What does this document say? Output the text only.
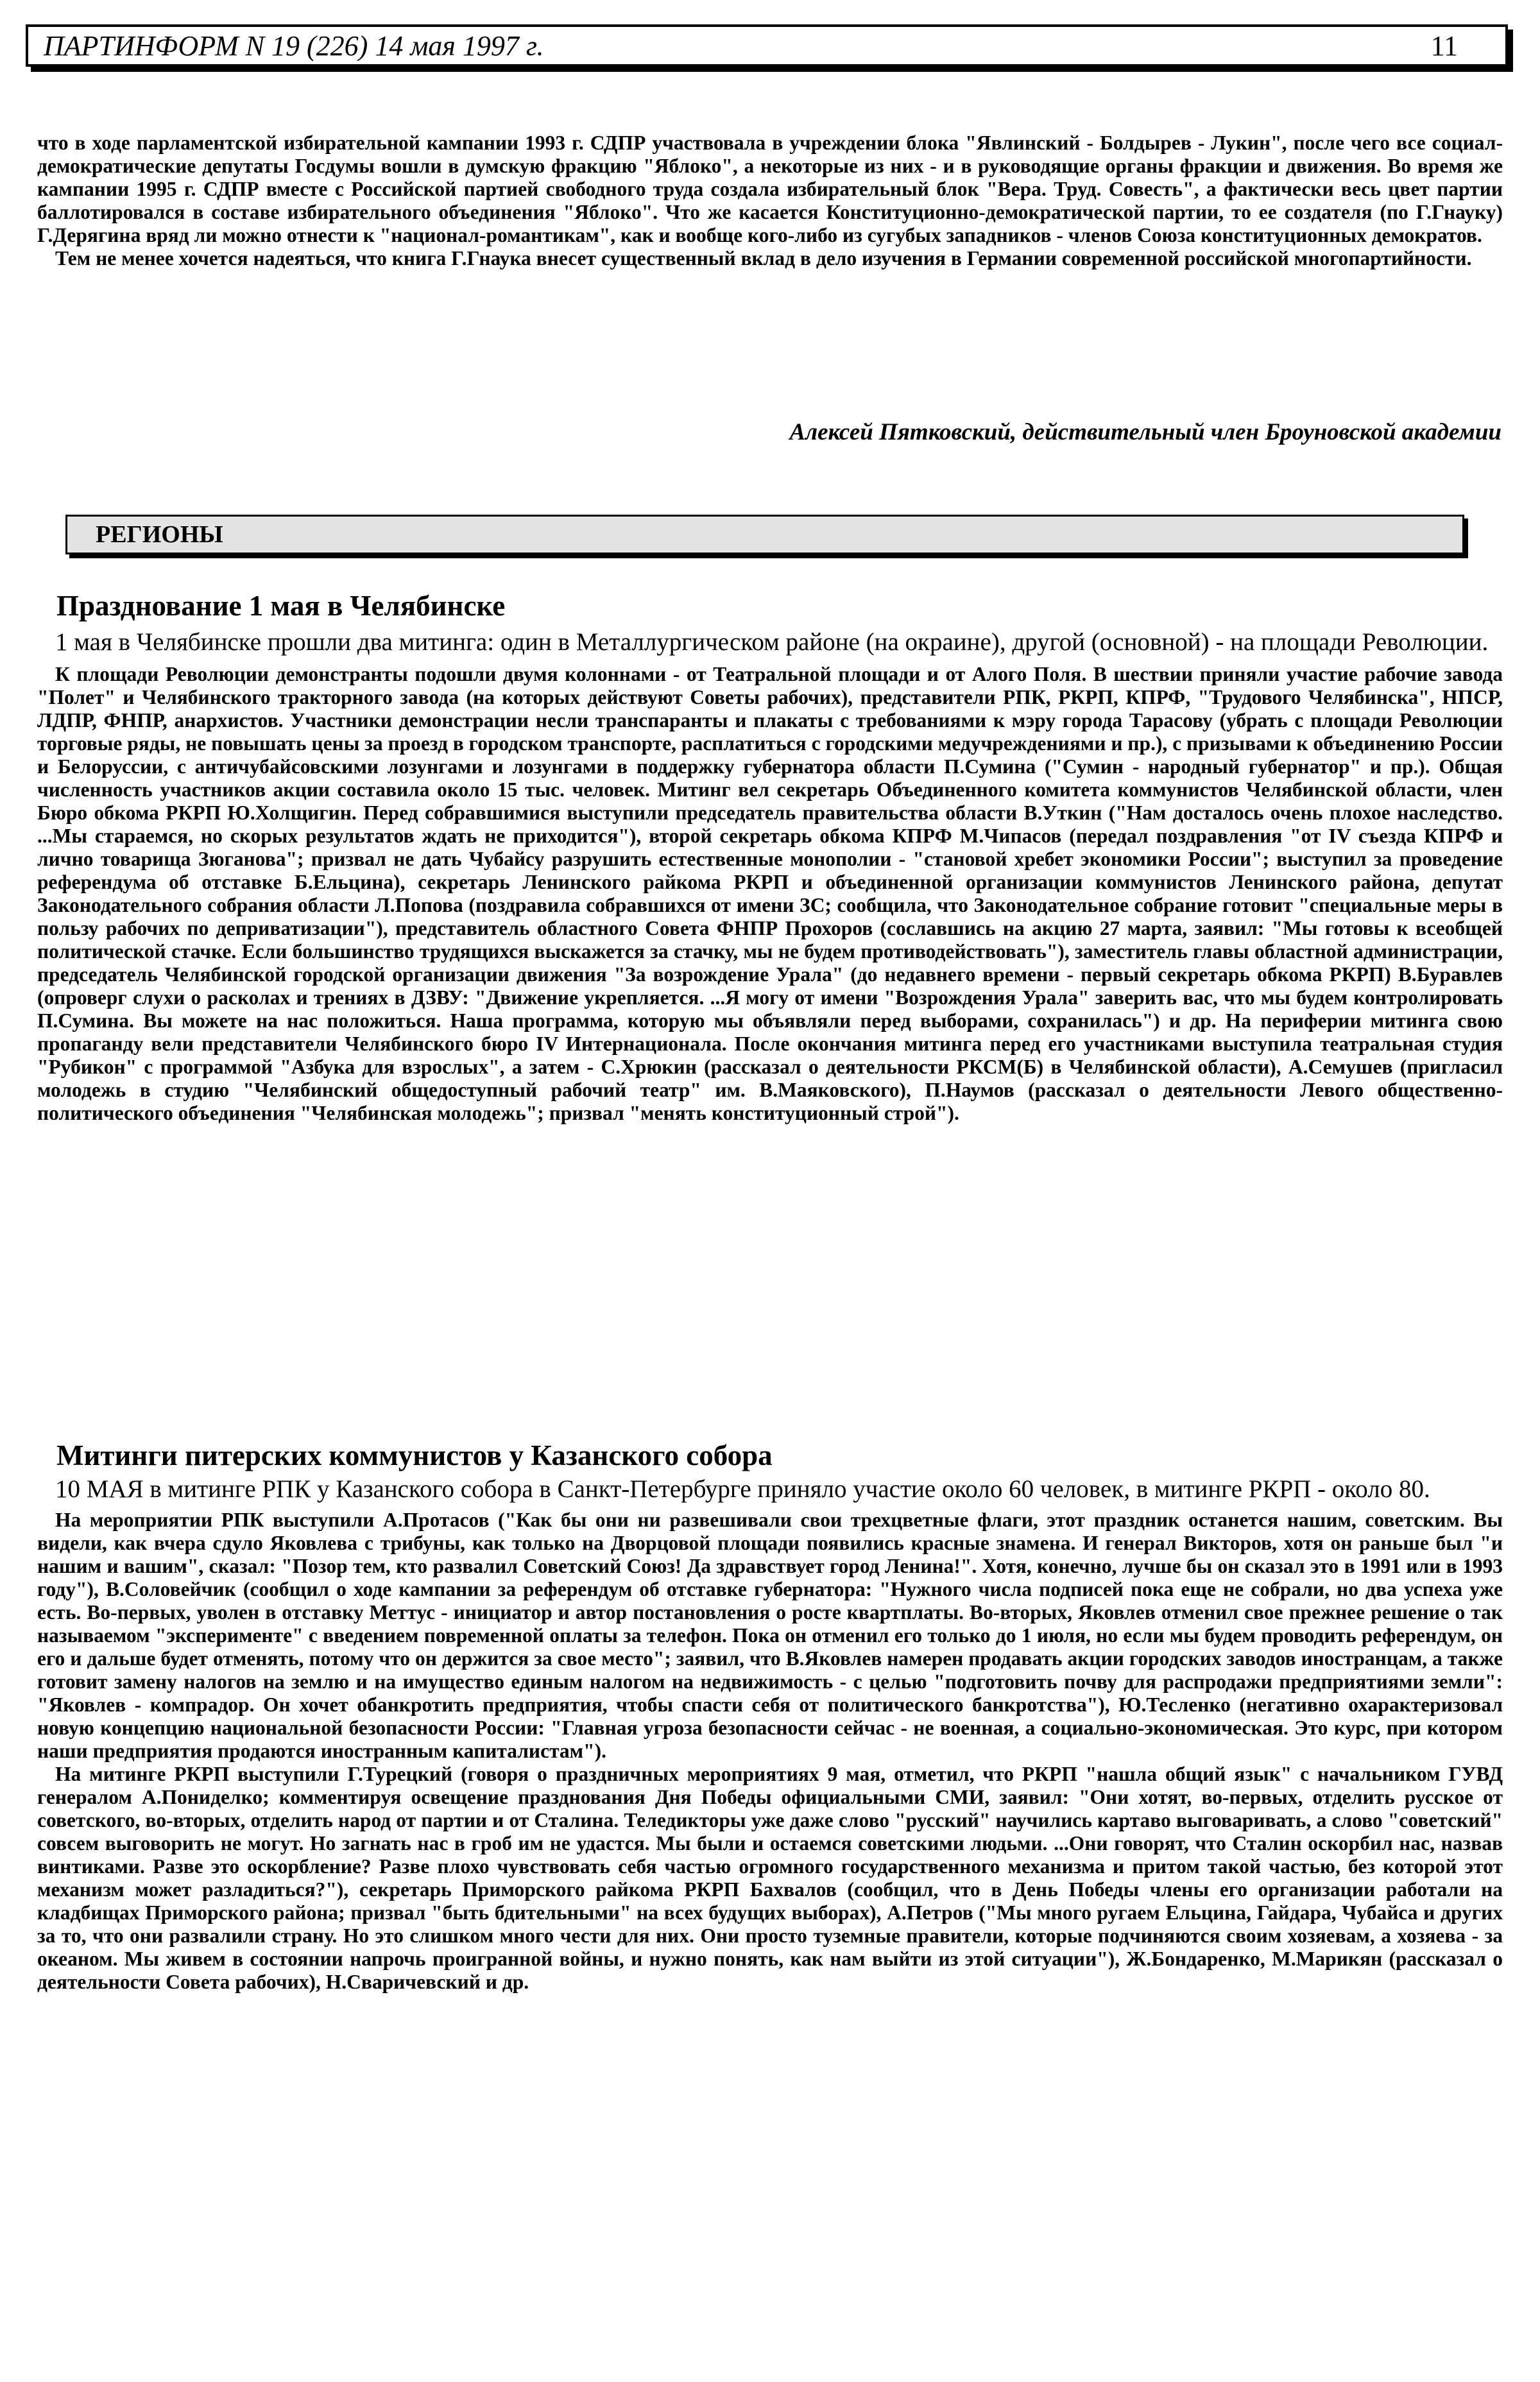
ПАРТИНФОРМ N 19 (226) 14 мая 1997 г.	11

что в ходе парламентской избирательной кампании 1993 г. СДПР участвовала в учреждении блока "Явлинский - Болдырев - Лукин", после чего все социал-демократические депутаты Госдумы вошли в думскую фракцию "Яблоко", а некоторые из них - и в руководящие органы фракции и движения. Во время же кампании 1995 г. СДПР вместе с Российской партией свободного труда создала избирательный блок "Вера. Труд. Совесть", а фактически весь цвет партии баллотировался в составе избирательного объединения "Яблоко". Что же касается Конституционно-демократической партии, то ее создателя (по Г.Гнауку) Г.Дерягина вряд ли можно отнести к "национал-романтикам", как и вообще кого-либо из сугубых западников - членов Союза конституционных демократов.

Тем не менее хочется надеяться, что книга Г.Гнаука внесет существенный вклад в дело изучения в Германии современной российской многопартийности.

Алексей Пятковский, действительный член Броуновской академии
РЕГИОНЫ
Празднование 1 мая в Челябинске

1 мая в Челябинске прошли два митинга: один в Металлургическом районе (на окраине), другой (основной) - на площади Революции.

К площади Революции демонстранты подошли двумя колоннами - от Театральной площади и от Алого Поля. В шествии приняли участие рабочие завода "Полет" и Челябинского тракторного завода (на которых действуют Советы рабочих), представители РПК, РКРП, КПРФ, "Трудового Челябинска", НПСР, ЛДПР, ФНПР, анархистов. Участники демонстрации несли транспаранты и плакаты с требованиями к мэру города Тарасову (убрать с площади Революции торговые ряды, не повышать цены за проезд в городском транспорте, расплатиться с городскими медучреждениями и пр.), с призывами к объединению России и Белоруссии, с античубайсовскими лозунгами и лозунгами в поддержку губернатора области П.Сумина ("Сумин - народный губернатор" и пр.). Общая численность участников акции составила около 15 тыс. человек. Митинг вел секретарь Объединенного комитета коммунистов Челябинской области, член Бюро обкома РКРП Ю.Холщигин. Перед собравшимися выступили председатель правительства области В.Уткин ("Нам досталось очень плохое наследство. ...Мы стараемся, но скорых результатов ждать не приходится"), второй секретарь обкома КПРФ М.Чипасов (передал поздравления "от IV съезда КПРФ и лично товарища Зюганова"; призвал не дать Чубайсу разрушить естественные монополии - "становой хребет экономики России"; выступил за проведение референдума об отставке Б.Ельцина), секретарь Ленинского райкома РКРП и объединенной организации коммунистов Ленинского района, депутат Законодательного собрания области Л.Попова (поздравила собравшихся от имени ЗС; сообщила, что Законодательное собрание готовит "специальные меры в пользу рабочих по деприватизации"), представитель областного Совета ФНПР Прохоров (сославшись на акцию 27 марта, заявил: "Мы готовы к всеобщей политической стачке. Если большинство трудящихся выскажется за стачку, мы не будем противодействовать"), заместитель главы областной администрации, председатель Челябинской городской организации движения "За возрождение Урала" (до недавнего времени - первый секретарь обкома РКРП) В.Буравлев (опроверг слухи о расколах и трениях в ДЗВУ: "Движение укрепляется. ...Я могу от имени "Возрождения Урала" заверить вас, что мы будем контролировать П.Сумина. Вы можете на нас положиться. Наша программа, которую мы объявляли перед выборами, сохранилась") и др. На периферии митинга свою пропаганду вели представители Челябинского бюро IV Интернационала. После окончания митинга перед его участниками выступила театральная студия "Рубикон" с программой "Азбука для взрослых", а затем - С.Хрюкин (рассказал о деятельности РКСМ(Б) в Челябинской области), А.Семушев (пригласил молодежь в студию "Челябинский общедоступный рабочий театр" им. В.Маяковского), П.Наумов (рассказал о деятельности Левого общественно-политического объединения "Челябинская молодежь"; призвал "менять конституционный строй").

Митинги питерских коммунистов у Казанского собора

10 МАЯ в митинге РПК у Казанского собора в Санкт-Петербурге приняло участие около 60 человек, в митинге РКРП - около 80.

На мероприятии РПК выступили А.Протасов ("Как бы они ни развешивали свои трехцветные флаги, этот праздник останется нашим, советским. Вы видели, как вчера сдуло Яковлева с трибуны, как только на Дворцовой площади появились красные знамена. И генерал Викторов, хотя он раньше был "и нашим и вашим", сказал: "Позор тем, кто развалил Советский Союз! Да здравствует город Ленина!". Хотя, конечно, лучше бы он сказал это в 1991 или в 1993 году"), В.Соловейчик (сообщил о ходе кампании за референдум об отставке губернатора: "Нужного числа подписей пока еще не собрали, но два успеха уже есть. Во-первых, уволен в отставку Меттус - инициатор и автор постановления о росте квартплаты. Во-вторых, Яковлев отменил свое прежнее решение о так называемом "эксперименте" с введением повременной оплаты за телефон. Пока он отменил его только до 1 июля, но если мы будем проводить референдум, он его и дальше будет отменять, потому что он держится за свое место"; заявил, что В.Яковлев намерен продавать акции городских заводов иностранцам, а также готовит замену налогов на землю и на имущество единым налогом на недвижимость - с целью "подготовить почву для распродажи предприятиями земли": "Яковлев - компрадор. Он хочет обанкротить предприятия, чтобы спасти себя от политического банкротства"), Ю.Тесленко (негативно охарактеризовал новую концепцию национальной безопасности России: "Главная угроза безопасности сейчас - не военная, а социально-экономическая. Это курс, при котором наши предприятия продаются иностранным капиталистам").

На митинге РКРП выступили Г.Турецкий (говоря о праздничных мероприятиях 9 мая, отметил, что РКРП "нашла общий язык" с начальником ГУВД генералом А.Пониделко; комментируя освещение празднования Дня Победы официальными СМИ, заявил: "Они хотят, во-первых, отделить русское от советского, во-вторых, отделить народ от партии и от Сталина. Теледикторы уже даже слово "русский" научились картаво выговаривать, а слово "советский" совсем выговорить не могут. Но загнать нас в гроб им не удастся. Мы были и остаемся советскими людьми. ...Они говорят, что Сталин оскорбил нас, назвав винтиками. Разве это оскорбление? Разве плохо чувствовать себя частью огромного государственного механизма и притом такой частью, без которой этот механизм может разладиться?"), секретарь Приморского райкома РКРП Бахвалов (сообщил, что в День Победы члены его организации работали на кладбищах Приморского района; призвал "быть бдительными" на всех будущих выборах), А.Петров ("Мы много ругаем Ельцина, Гайдара, Чубайса и других за то, что они развалили страну. Но это слишком много чести для них. Они просто туземные правители, которые подчиняются своим хозяевам, а хозяева - за океаном. Мы живем в состоянии напрочь проигранной войны, и нужно понять, как нам выйти из этой ситуации"), Ж.Бондаренко, М.Марикян (рассказал о деятельности Совета рабочих), Н.Сваричевский и др.
